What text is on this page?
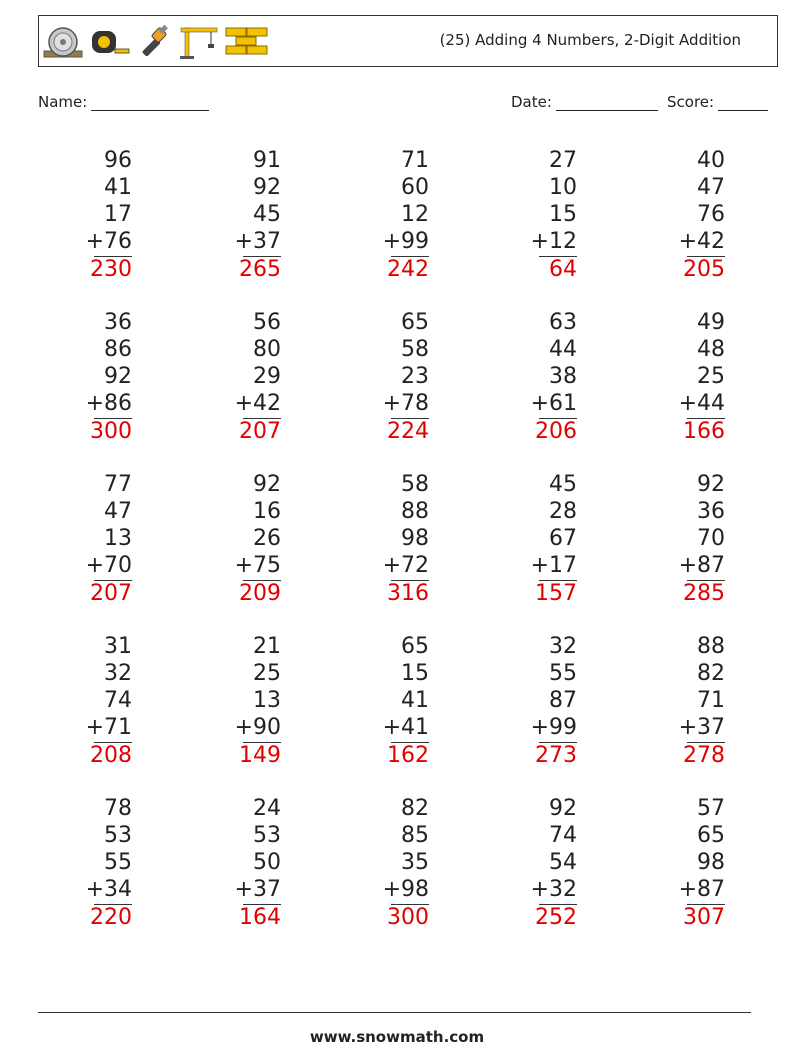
(25) Adding 4 Numbers, 2-Digit Addition
Name:	Date:	Score:
96
41
17
+76
230
91
92
45
+37
265
71
60
12
+99
242
27
10
15
+12
64
40
47
76
+42
205
36
86
92
+86
300
56
80
29
+42
207
65
58
23
+78
224
63
44
38
+61
206
49
48
25
+44
166
77
47
13
+70
207
92
16
26
+75
209
58
88
98
+72
316
45
28
67
+17
157
92
36
70
+87
285
31
32
74
+71
208
21
25
13
+90
149
65
15
41
+41
162
32
55
87
+99
273
88
82
71
+37
278
78
53
55
+34
220
24
53
50
+37
164
82
85
35
+98
300
92
74
54
+32
252
57
65
98
+87
307
www.snowmath.com
